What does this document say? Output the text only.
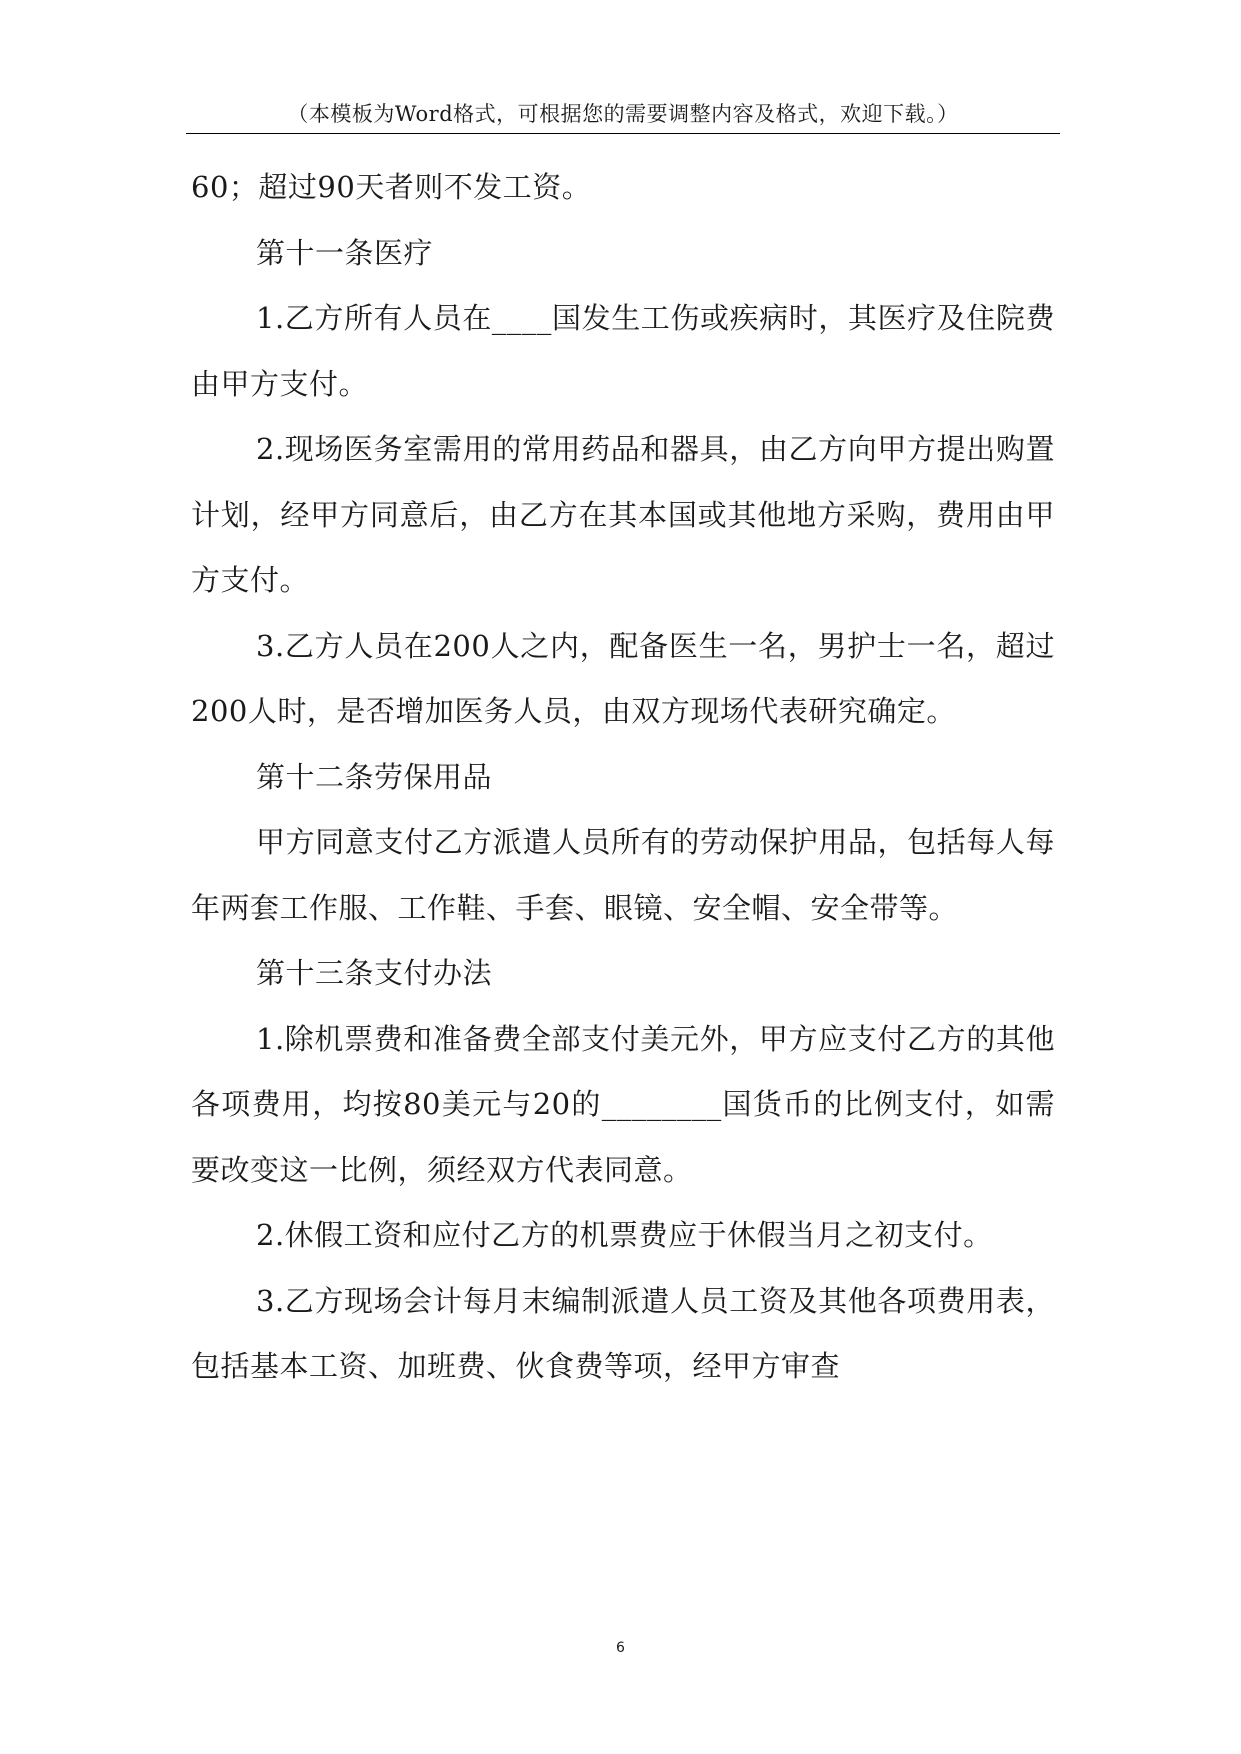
（本模板为Word格式，可根据您的需要调整内容及格式，欢迎下载。）

60；超过90天者则不发工资。

第十一条医疗

1.乙方所有人员在____国发生工伤或疾病时，其医疗及住院费由甲方支付。

2.现场医务室需用的常用药品和器具，由乙方向甲方提出购置计划，经甲方同意后，由乙方在其本国或其他地方采购，费用由甲方支付。

3.乙方人员在200人之内，配备医生一名，男护士一名，超过200人时，是否增加医务人员，由双方现场代表研究确定。

第十二条劳保用品

甲方同意支付乙方派遣人员所有的劳动保护用品，包括每人每年两套工作服、工作鞋、手套、眼镜、安全帽、安全带等。

第十三条支付办法

1.除机票费和准备费全部支付美元外，甲方应支付乙方的其他各项费用，均按80美元与20的________国货币的比例支付，如需要改变这一比例，须经双方代表同意。

2.休假工资和应付乙方的机票费应于休假当月之初支付。

3.乙方现场会计每月末编制派遣人员工资及其他各项费用表，包括基本工资、加班费、伙食费等项，经甲方审查

6
